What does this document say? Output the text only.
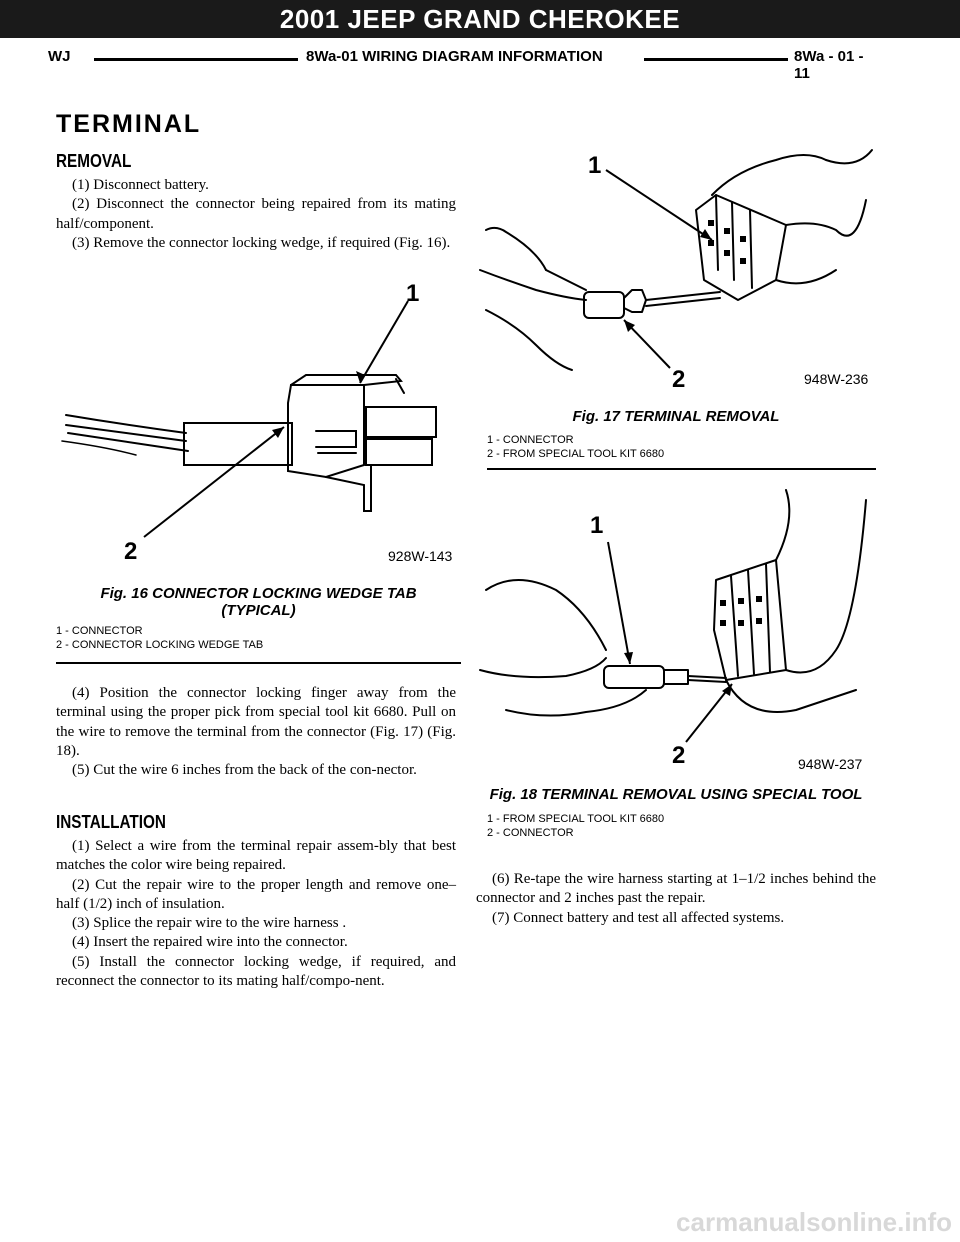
2001 JEEP GRAND CHEROKEE
WJ	8Wa-01 WIRING DIAGRAM INFORMATION	8Wa - 01 - 11
TERMINAL
REMOVAL

(1) Disconnect battery.

(2) Disconnect the connector being repaired from its mating half/component.

(3) Remove the connector locking wedge, if required (Fig. 16).

1
2	928W-143
Fig. 16 CONNECTOR LOCKING WEDGE TAB
(TYPICAL)
1 - CONNECTOR
2 - CONNECTOR LOCKING WEDGE TAB

(4) Position the connector locking finger away from the terminal using the proper pick from special tool kit 6680. Pull on the wire to remove the terminal from the connector (Fig. 17) (Fig. 18).

(5) Cut the wire 6 inches from the back of the con-nector.

INSTALLATION

(1) Select a wire from the terminal repair assem-bly that best matches the color wire being repaired.

(2) Cut the repair wire to the proper length and remove one–half (1/2) inch of insulation.

(3) Splice the repair wire to the wire harness .

(4) Insert the repaired wire into the connector.

(5) Install the connector locking wedge, if required, and reconnect the connector to its mating half/compo-nent.

1
2	948W-236
Fig. 17 TERMINAL REMOVAL
1 - CONNECTOR
2 - FROM SPECIAL TOOL KIT 6680
1
2	948W-237
Fig. 18 TERMINAL REMOVAL USING SPECIAL TOOL
1 - FROM SPECIAL TOOL KIT 6680
2 - CONNECTOR

(6) Re-tape the wire harness starting at 1–1/2 inches behind the connector and 2 inches past the repair.

(7) Connect battery and test all affected systems.

carmanualsonline.info
